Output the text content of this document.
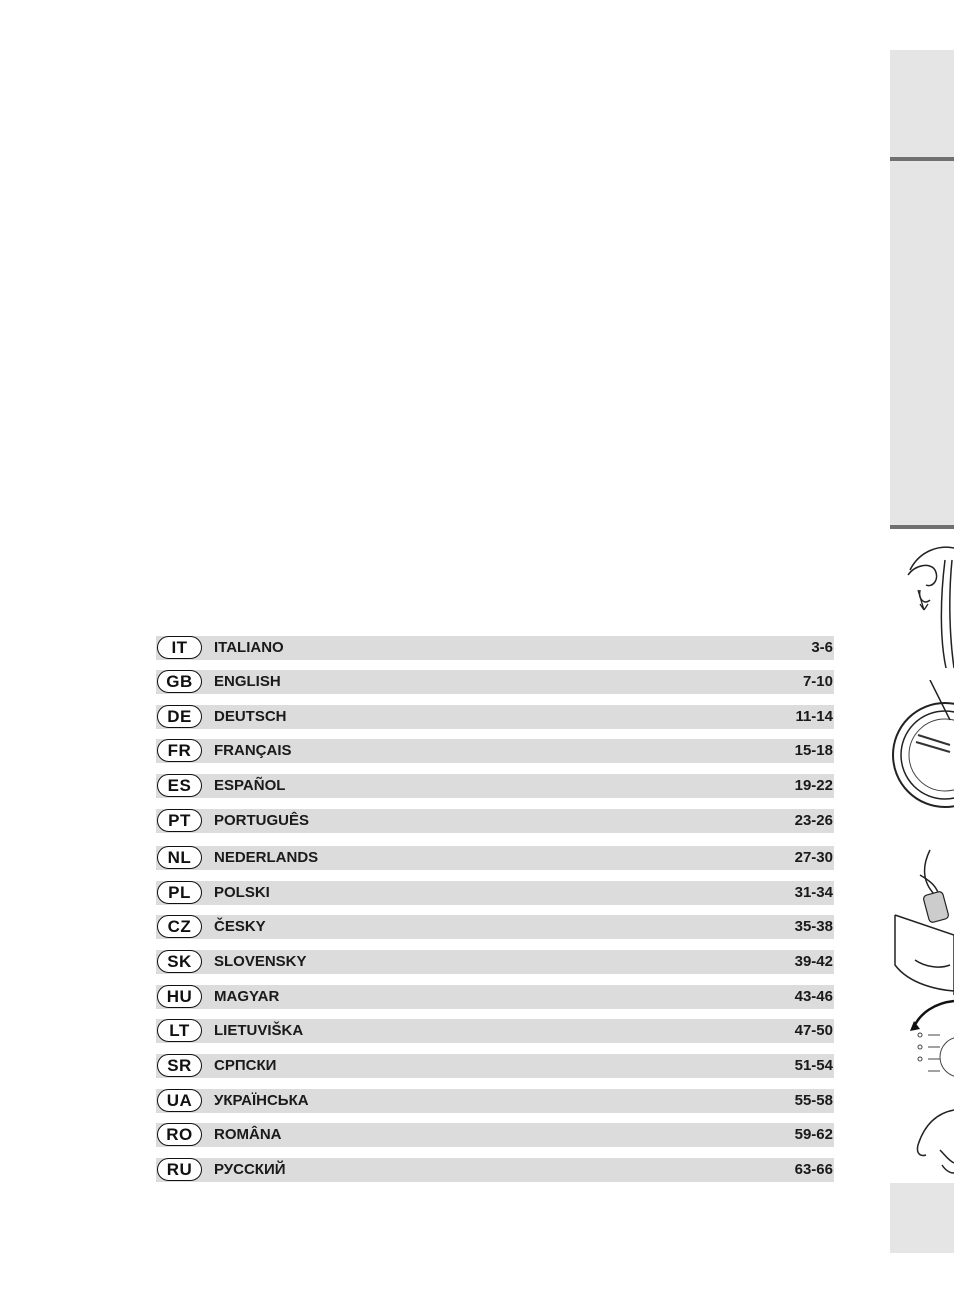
IT	ITALIANO	3-6
GB	ENGLISH	7-10
DE	DEUTSCH	11-14
FR	FRANÇAIS	15-18
ES	ESPAÑOL	19-22
PT	PORTUGUÊS	23-26
NL	NEDERLANDS	27-30
PL	POLSKI	31-34
CZ	ČESKY	35-38
SK	SLOVENSKY	39-42
HU	MAGYAR	43-46
LT	LIETUVIŠKA	47-50
SR	СРПСКИ	51-54
UA	УКРАЇНСЬКА	55-58
RO	ROMÂNA	59-62
RU	РУССКИЙ	63-66
